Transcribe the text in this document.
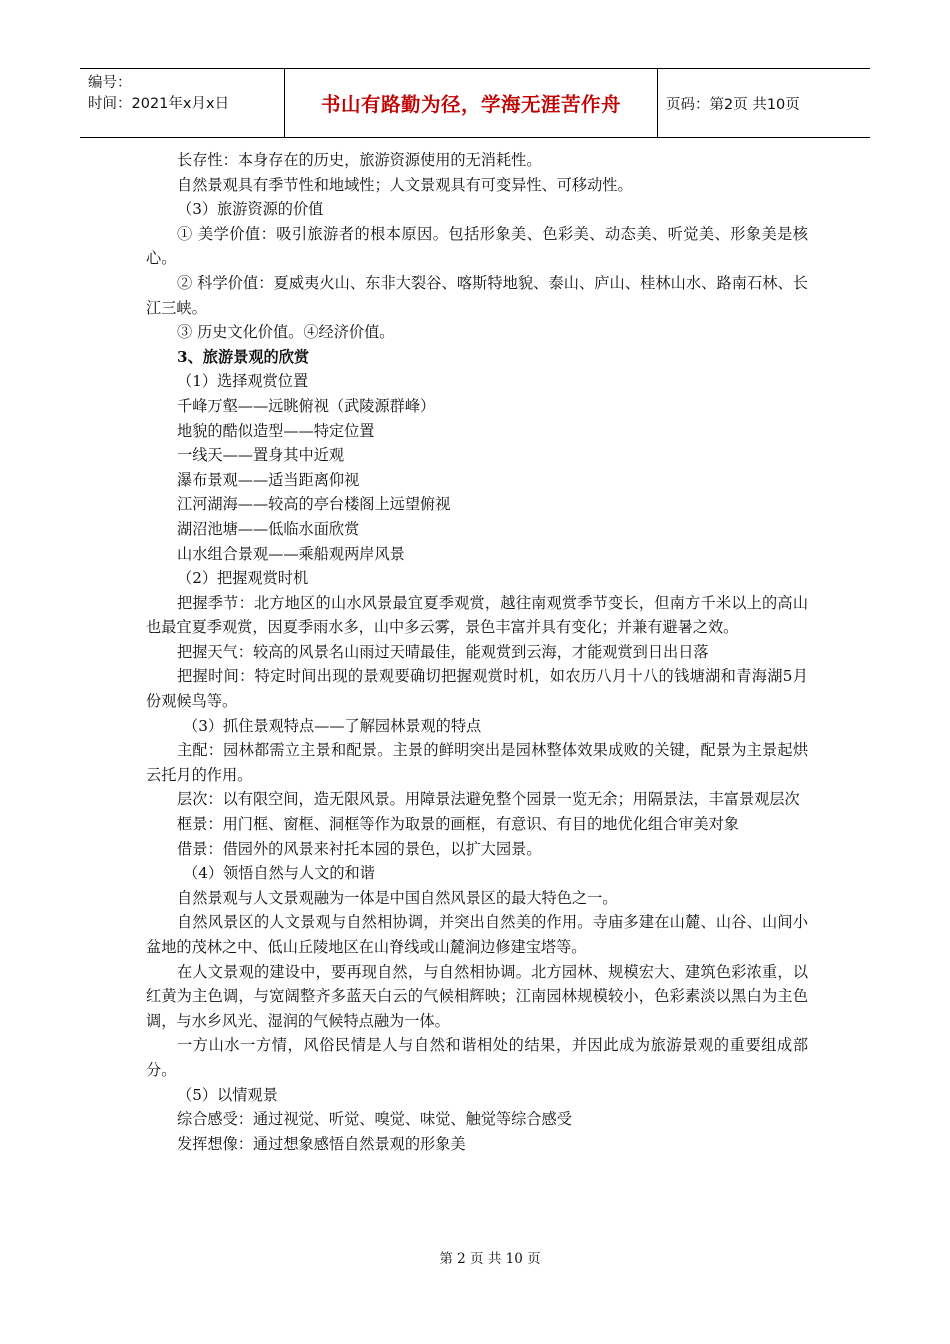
编号：
时间：2021年x月x日	书山有路勤为径，学海无涯苦作舟	页码：第2页 共10页

长存性：本身存在的历史，旅游资源使用的无消耗性。

自然景观具有季节性和地域性；人文景观具有可变异性、可移动性。

（3）旅游资源的价值

① 美学价值：吸引旅游者的根本原因。包括形象美、色彩美、动态美、听觉美、形象美是核心。

② 科学价值：夏威夷火山、东非大裂谷、喀斯特地貌、泰山、庐山、桂林山水、路南石林、长江三峡。

③ 历史文化价值。④经济价值。

3、旅游景观的欣赏

（1）选择观赏位置

千峰万壑——远眺俯视（武陵源群峰）

地貌的酷似造型——特定位置

一线天——置身其中近观

瀑布景观——适当距离仰视

江河湖海——较高的亭台楼阁上远望俯视

湖沼池塘——低临水面欣赏

山水组合景观——乘船观两岸风景

（2）把握观赏时机

把握季节：北方地区的山水风景最宜夏季观赏，越往南观赏季节变长，但南方千米以上的高山也最宜夏季观赏，因夏季雨水多，山中多云雾，景色丰富并具有变化；并兼有避暑之效。

把握天气：较高的风景名山雨过天晴最佳，能观赏到云海，才能观赏到日出日落

把握时间：特定时间出现的景观要确切把握观赏时机，如农历八月十八的钱塘湖和青海湖5月份观候鸟等。

（3）抓住景观特点——了解园林景观的特点

主配：园林都需立主景和配景。主景的鲜明突出是园林整体效果成败的关键，配景为主景起烘云托月的作用。

层次：以有限空间，造无限风景。用障景法避免整个园景一览无余；用隔景法，丰富景观层次

框景：用门框、窗框、洞框等作为取景的画框，有意识、有目的地优化组合审美对象

借景：借园外的风景来衬托本园的景色，以扩大园景。

（4）领悟自然与人文的和谐

自然景观与人文景观融为一体是中国自然风景区的最大特色之一。

自然风景区的人文景观与自然相协调，并突出自然美的作用。寺庙多建在山麓、山谷、山间小盆地的茂林之中、低山丘陵地区在山脊线或山麓涧边修建宝塔等。

在人文景观的建设中，要再现自然，与自然相协调。北方园林、规模宏大、建筑色彩浓重，以红黄为主色调，与宽阔整齐多蓝天白云的气候相辉映；江南园林规模较小，色彩素淡以黑白为主色调，与水乡风光、湿润的气候特点融为一体。

一方山水一方情，风俗民情是人与自然和谐相处的结果，并因此成为旅游景观的重要组成部分。

（5）以情观景

综合感受：通过视觉、听觉、嗅觉、味觉、触觉等综合感受

发挥想像：通过想象感悟自然景观的形象美

第 2 页 共 10 页
